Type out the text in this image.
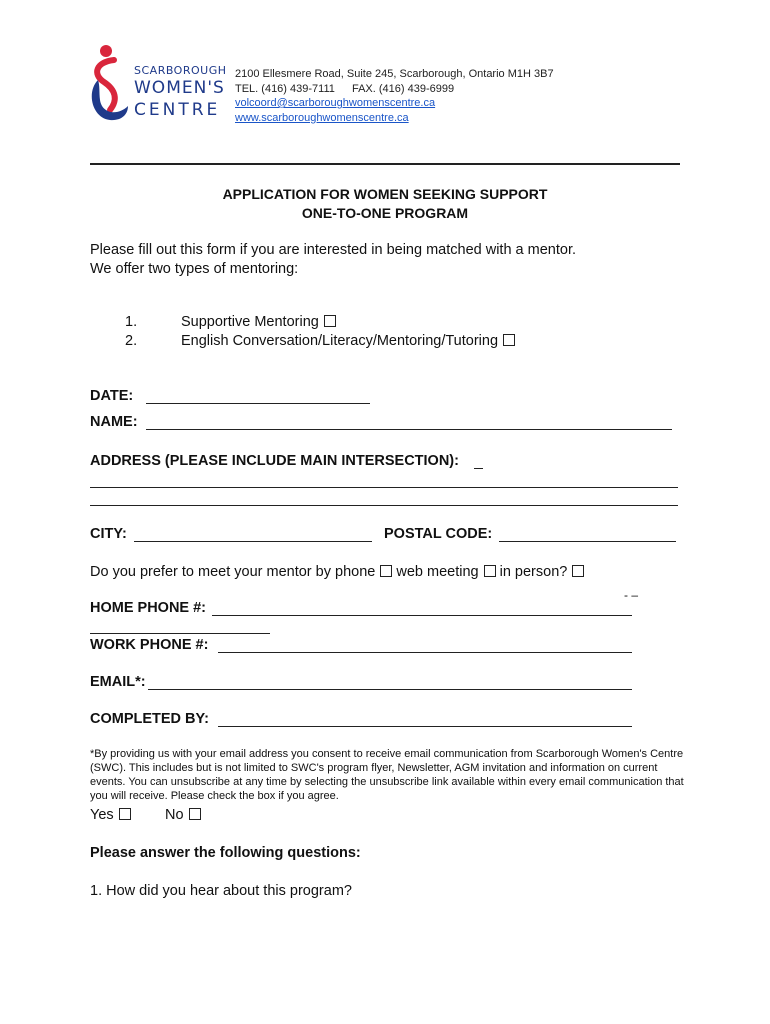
SCARBOROUGH
WOMEN'S
CENTRE
2100 Ellesmere Road, Suite 245, Scarborough, Ontario M1H 3B7
TEL. (416) 439-7111 FAX. (416) 439-6999
volcoord@scarboroughwomenscentre.ca
www.scarboroughwomenscentre.ca
APPLICATION FOR WOMEN SEEKING SUPPORT
ONE-TO-ONE PROGRAM
Please fill out this form if you are interested in being matched with a mentor.
We offer two types of mentoring:
1.	Supportive Mentoring
2.	English Conversation/Literacy/Mentoring/Tutoring
DATE:
NAME:
ADDRESS (PLEASE INCLUDE MAIN INTERSECTION):
CITY:	POSTAL CODE:
Do you prefer to meet your mentor by phone web meeting in person?
- –
HOME PHONE #:
WORK PHONE #:
EMAIL*:
COMPLETED BY:
*By providing us with your email address you consent to receive email communication from Scarborough Women's Centre (SWC). This includes but is not limited to SWC's program flyer, Newsletter, AGM invitation and information on current events. You can unsubscribe at any time by selecting the unsubscribe link available within every email communication that you will receive. Please check the box if you agree.
Yes	No
Please answer the following questions:
1. How did you hear about this program?
